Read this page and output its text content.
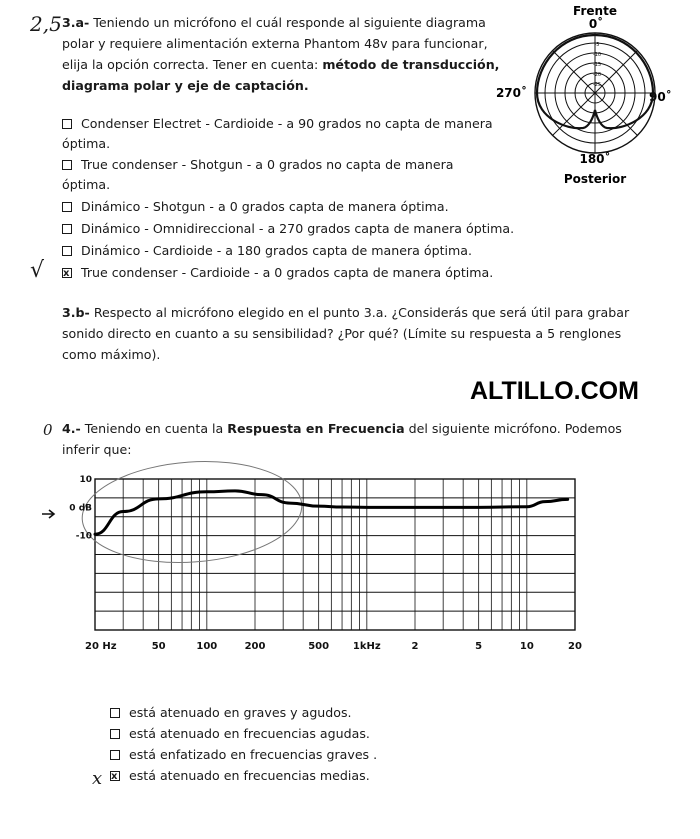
2,5 3.a- Teniendo un micrófono el cuál responde al siguiente diagrama
polar y requiere alimentación externa Phantom 48v para funcionar,
elija la opción correcta. Tener en cuenta: método de transducción,
diagrama polar y eje de captación.
Condenser Electret - Cardioide - a 90 grados no capta de manera
óptima.
True condenser - Shotgun - a 0 grados no capta de manera
óptima.
Dinámico - Shotgun - a 0 grados capta de manera óptima.
Dinámico - Omnidireccional - a 270 grados capta de manera óptima.
Dinámico - Cardioide - a 180 grados capta de manera óptima.
xTrue condenser - Cardioide - a 0 grados capta de manera óptima.
√
Frente
0˚
270˚	90˚
180˚
Posterior
-5
-10
-15
-20
-25
3.b- Respecto al micrófono elegido en el punto 3.a. ¿Considerás que será útil para grabar
sonido directo en cuanto a su sensibilidad? ¿Por qué? (Límite su respuesta a 5 renglones
como máximo).
ALTILLO.COM
0 4.- Teniendo en cuenta la Respuesta en Frecuencia del siguiente micrófono. Podemos
inferir que:
10
0 dB
-10
20 Hz	50	100	200	500 1kHz	2	5	10	20
está atenuado en graves y agudos.
está atenuado en frecuencias agudas.
está enfatizado en frecuencias graves .
xestá atenuado en frecuencias medias.
x
